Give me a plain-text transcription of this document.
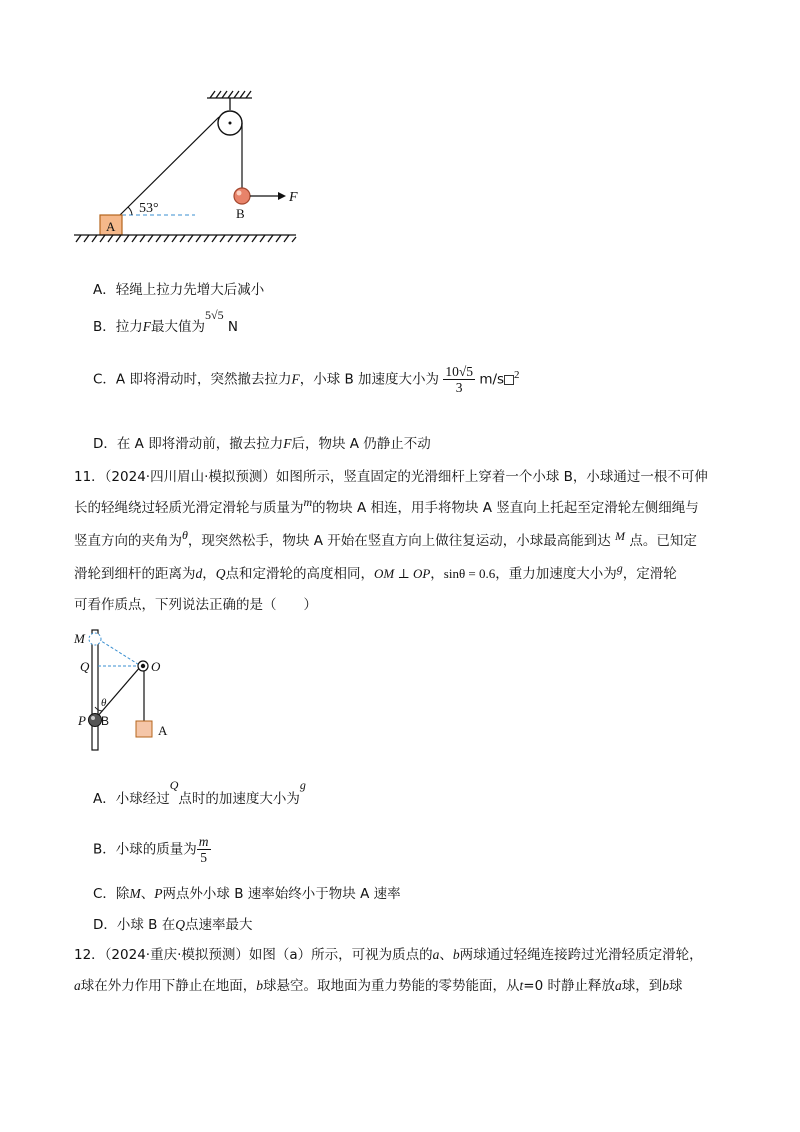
53°
A
B
F
A．轻绳上拉力先增大后减小
B．拉力F最大值为5√5 N
C．A 即将滑动时，突然撤去拉力F，小球 B 加速度大小为 $\frac{10√5}{3} m/s$ $^2$
D．在 A 即将滑动前，撤去拉力F后，物块 A 仍静止不动
11．（2024·四川眉山·模拟预测）如图所示，竖直固定的光滑细杆上穿着一个小球 B，小球通过一根不可伸
长的轻绳绕过轻质光滑定滑轮与质量为m的物块 A 相连，用手将物块 A 竖直向上托起至定滑轮左侧细绳与
竖直方向的夹角为θ，现突然松手，物块 A 开始在竖直方向上做往复运动，小球最高能到达 M 点。已知定
滑轮到细杆的距离为d，Q点和定滑轮的高度相同，OM ⊥ OP，sinθ = 0.6，重力加速度大小为g，定滑轮
可看作质点，下列说法正确的是（　　）
M
Q	O
θ
P B
A
A．小球经过Q点时的加速度大小为g
B．小球的质量为 $\frac{m}{5}$
C．除M、P两点外小球 B 速率始终小于物块 A 速率
D．小球 B 在Q点速率最大
12．（2024·重庆·模拟预测）如图（a）所示，可视为质点的a、b两球通过轻绳连接跨过光滑轻质定滑轮，
a球在外力作用下静止在地面，b球悬空。取地面为重力势能的零势能面，从t=0 时静止释放a球，到b球
